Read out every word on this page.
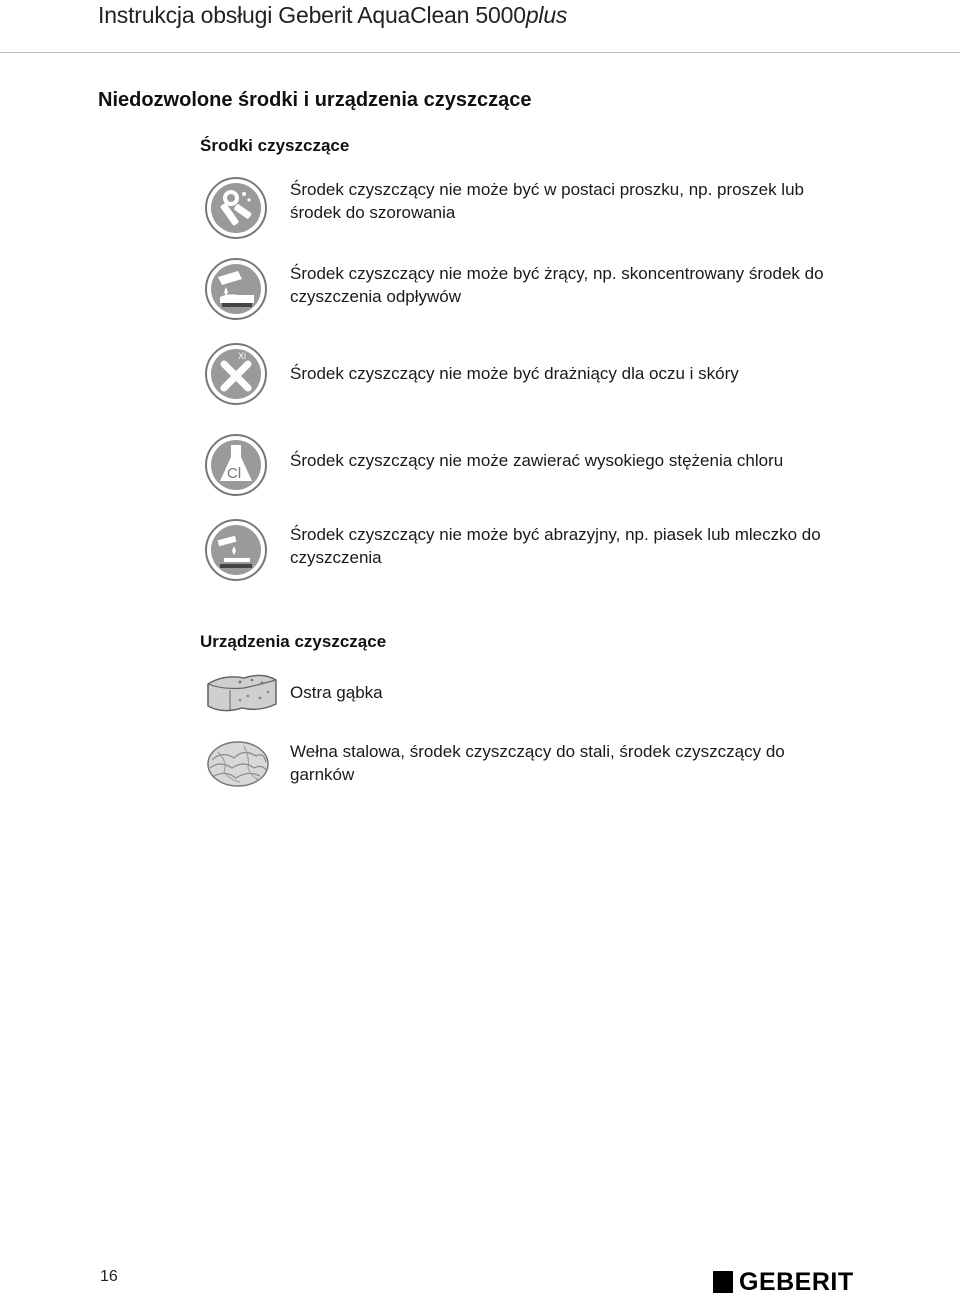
Instrukcja obsługi Geberit AquaClean 5000plus
Niedozwolone środki i urządzenia czyszczące
Środki czyszczące
Środek czyszczący nie może być w postaci proszku, np. proszek lub środek do szorowania
Środek czyszczący nie może być żrący, np. skoncentrowany środek do czyszczenia odpływów
Xi
Środek czyszczący nie może być drażniący dla oczu i skóry
Cl
Środek czyszczący nie może zawierać wysokiego stężenia chloru
Środek czyszczący nie może być abrazyjny, np. piasek lub mleczko do czyszczenia
Urządzenia czyszczące
Ostra gąbka
Wełna stalowa, środek czyszczący do stali, środek czyszczący do garnków
16	GEBERIT
